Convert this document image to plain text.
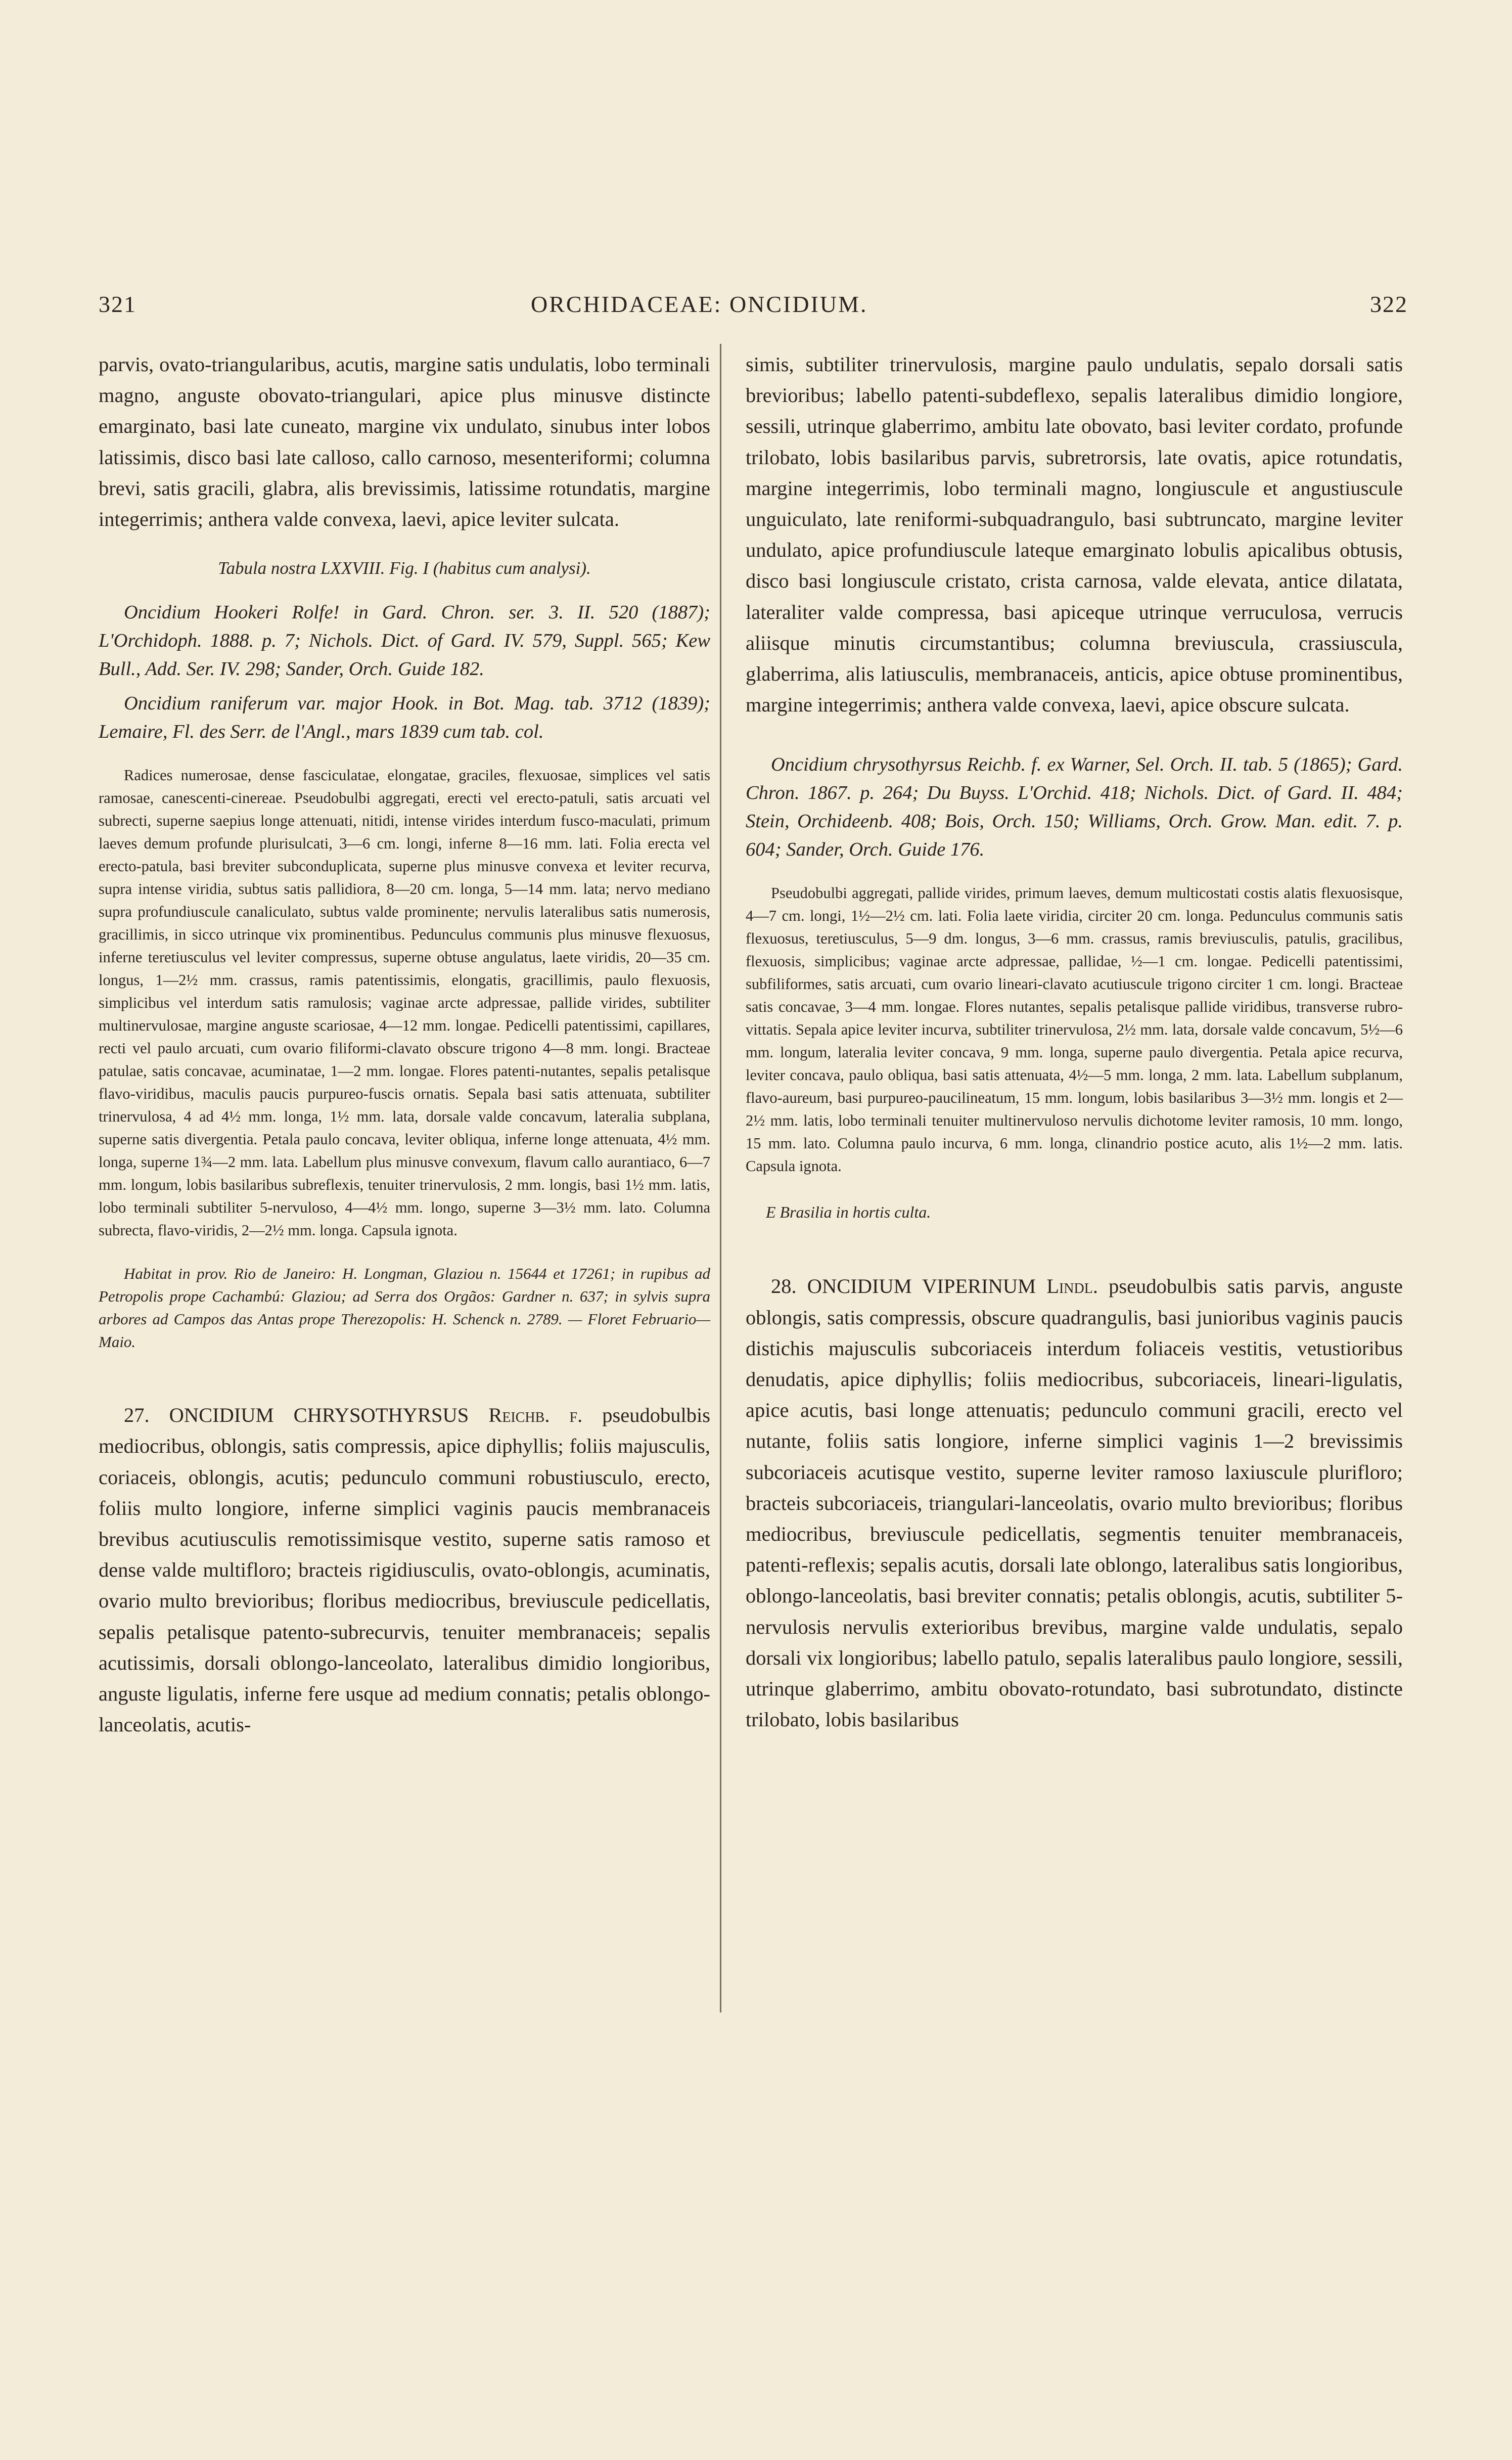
321	ORCHIDACEAE: ONCIDIUM.	322

parvis, ovato-triangularibus, acutis, margine satis undulatis, lobo terminali magno, anguste obovato-triangulari, apice plus minusve distincte emarginato, basi late cuneato, margine vix undulato, sinubus inter lobos latissimis, disco basi late calloso, callo carnoso, mesenteriformi; columna brevi, satis gracili, glabra, alis brevissimis, latissime rotundatis, margine integerrimis; anthera valde convexa, laevi, apice leviter sulcata.

Tabula nostra LXXVIII. Fig. I (habitus cum analysi).

Oncidium Hookeri Rolfe! in Gard. Chron. ser. 3. II. 520 (1887); L'Orchidoph. 1888. p. 7; Nichols. Dict. of Gard. IV. 579, Suppl. 565; Kew Bull., Add. Ser. IV. 298; Sander, Orch. Guide 182.

Oncidium raniferum var. major Hook. in Bot. Mag. tab. 3712 (1839); Lemaire, Fl. des Serr. de l'Angl., mars 1839 cum tab. col.

Radices numerosae, dense fasciculatae, elongatae, graciles, flexuosae, simplices vel satis ramosae, canescenti-cinereae. Pseudobulbi aggregati, erecti vel erecto-patuli, satis arcuati vel subrecti, superne saepius longe attenuati, nitidi, intense virides interdum fusco-maculati, primum laeves demum profunde plurisulcati, 3—6 cm. longi, inferne 8—16 mm. lati. Folia erecta vel erecto-patula, basi breviter subconduplicata, superne plus minusve convexa et leviter recurva, supra intense viridia, subtus satis pallidiora, 8—20 cm. longa, 5—14 mm. lata; nervo mediano supra profundiuscule canaliculato, subtus valde prominente; nervulis lateralibus satis numerosis, gracillimis, in sicco utrinque vix prominentibus. Pedunculus communis plus minusve flexuosus, inferne teretiusculus vel leviter compressus, superne obtuse angulatus, laete viridis, 20—35 cm. longus, 1—2½ mm. crassus, ramis patentissimis, elongatis, gracillimis, paulo flexuosis, simplicibus vel interdum satis ramulosis; vaginae arcte adpressae, pallide virides, subtiliter multinervulosae, margine anguste scariosae, 4—12 mm. longae. Pedicelli patentissimi, capillares, recti vel paulo arcuati, cum ovario filiformi-clavato obscure trigono 4—8 mm. longi. Bracteae patulae, satis concavae, acuminatae, 1—2 mm. longae. Flores patenti-nutantes, sepalis petalisque flavo-viridibus, maculis paucis purpureo-fuscis ornatis. Sepala basi satis attenuata, subtiliter trinervulosa, 4 ad 4½ mm. longa, 1½ mm. lata, dorsale valde concavum, lateralia subplana, superne satis divergentia. Petala paulo concava, leviter obliqua, inferne longe attenuata, 4½ mm. longa, superne 1¾—2 mm. lata. Labellum plus minusve convexum, flavum callo aurantiaco, 6—7 mm. longum, lobis basilaribus subreflexis, tenuiter trinervulosis, 2 mm. longis, basi 1½ mm. latis, lobo terminali subtiliter 5-nervuloso, 4—4½ mm. longo, superne 3—3½ mm. lato. Columna subrecta, flavo-viridis, 2—2½ mm. longa. Capsula ignota.

Habitat in prov. Rio de Janeiro: H. Longman, Glaziou n. 15644 et 17261; in rupibus ad Petropolis prope Cachambú: Glaziou; ad Serra dos Orgãos: Gardner n. 637; in sylvis supra arbores ad Campos das Antas prope Therezopolis: H. Schenck n. 2789. — Floret Februario—Maio.

27. ONCIDIUM CHRYSOTHYRSUS Reichb. f. pseudobulbis mediocribus, oblongis, satis compressis, apice diphyllis; foliis majusculis, coriaceis, oblongis, acutis; pedunculo communi robustiusculo, erecto, foliis multo longiore, inferne simplici vaginis paucis membranaceis brevibus acutiusculis remotissimisque vestito, superne satis ramoso et dense valde multifloro; bracteis rigidiusculis, ovato-oblongis, acuminatis, ovario multo brevioribus; floribus mediocribus, breviuscule pedicellatis, sepalis petalisque patento-subrecurvis, tenuiter membranaceis; sepalis acutissimis, dorsali oblongo-lanceolato, lateralibus dimidio longioribus, anguste ligulatis, inferne fere usque ad medium connatis; petalis oblongo-lanceolatis, acutis-

simis, subtiliter trinervulosis, margine paulo undulatis, sepalo dorsali satis brevioribus; labello patenti-subdeflexo, sepalis lateralibus dimidio longiore, sessili, utrinque glaberrimo, ambitu late obovato, basi leviter cordato, profunde trilobato, lobis basilaribus parvis, subretrorsis, late ovatis, apice rotundatis, margine integerrimis, lobo terminali magno, longiuscule et angustiuscule unguiculato, late reniformi-subquadrangulo, basi subtruncato, margine leviter undulato, apice profundiuscule lateque emarginato lobulis apicalibus obtusis, disco basi longiuscule cristato, crista carnosa, valde elevata, antice dilatata, lateraliter valde compressa, basi apiceque utrinque verruculosa, verrucis aliisque minutis circumstantibus; columna breviuscula, crassiuscula, glaberrima, alis latiusculis, membranaceis, anticis, apice obtuse prominentibus, margine integerrimis; anthera valde convexa, laevi, apice obscure sulcata.

Oncidium chrysothyrsus Reichb. f. ex Warner, Sel. Orch. II. tab. 5 (1865); Gard. Chron. 1867. p. 264; Du Buyss. L'Orchid. 418; Nichols. Dict. of Gard. II. 484; Stein, Orchideenb. 408; Bois, Orch. 150; Williams, Orch. Grow. Man. edit. 7. p. 604; Sander, Orch. Guide 176.

Pseudobulbi aggregati, pallide virides, primum laeves, demum multicostati costis alatis flexuosisque, 4—7 cm. longi, 1½—2½ cm. lati. Folia laete viridia, circiter 20 cm. longa. Pedunculus communis satis flexuosus, teretiusculus, 5—9 dm. longus, 3—6 mm. crassus, ramis breviusculis, patulis, gracilibus, flexuosis, simplicibus; vaginae arcte adpressae, pallidae, ½—1 cm. longae. Pedicelli patentissimi, subfiliformes, satis arcuati, cum ovario lineari-clavato acutiuscule trigono circiter 1 cm. longi. Bracteae satis concavae, 3—4 mm. longae. Flores nutantes, sepalis petalisque pallide viridibus, transverse rubro-vittatis. Sepala apice leviter incurva, subtiliter trinervulosa, 2½ mm. lata, dorsale valde concavum, 5½—6 mm. longum, lateralia leviter concava, 9 mm. longa, superne paulo divergentia. Petala apice recurva, leviter concava, paulo obliqua, basi satis attenuata, 4½—5 mm. longa, 2 mm. lata. Labellum subplanum, flavo-aureum, basi purpureo-paucilineatum, 15 mm. longum, lobis basilaribus 3—3½ mm. longis et 2—2½ mm. latis, lobo terminali tenuiter multinervuloso nervulis dichotome leviter ramosis, 10 mm. longo, 15 mm. lato. Columna paulo incurva, 6 mm. longa, clinandrio postice acuto, alis 1½—2 mm. latis. Capsula ignota.

E Brasilia in hortis culta.

28. ONCIDIUM VIPERINUM Lindl. pseudobulbis satis parvis, anguste oblongis, satis compressis, obscure quadrangulis, basi junioribus vaginis paucis distichis majusculis subcoriaceis interdum foliaceis vestitis, vetustioribus denudatis, apice diphyllis; foliis mediocribus, subcoriaceis, lineari-ligulatis, apice acutis, basi longe attenuatis; pedunculo communi gracili, erecto vel nutante, foliis satis longiore, inferne simplici vaginis 1—2 brevissimis subcoriaceis acutisque vestito, superne leviter ramoso laxiuscule plurifloro; bracteis subcoriaceis, triangulari-lanceolatis, ovario multo brevioribus; floribus mediocribus, breviuscule pedicellatis, segmentis tenuiter membranaceis, patenti-reflexis; sepalis acutis, dorsali late oblongo, lateralibus satis longioribus, oblongo-lanceolatis, basi breviter connatis; petalis oblongis, acutis, subtiliter 5-nervulosis nervulis exterioribus brevibus, margine valde undulatis, sepalo dorsali vix longioribus; labello patulo, sepalis lateralibus paulo longiore, sessili, utrinque glaberrimo, ambitu obovato-rotundato, basi subrotundato, distincte trilobato, lobis basilaribus
